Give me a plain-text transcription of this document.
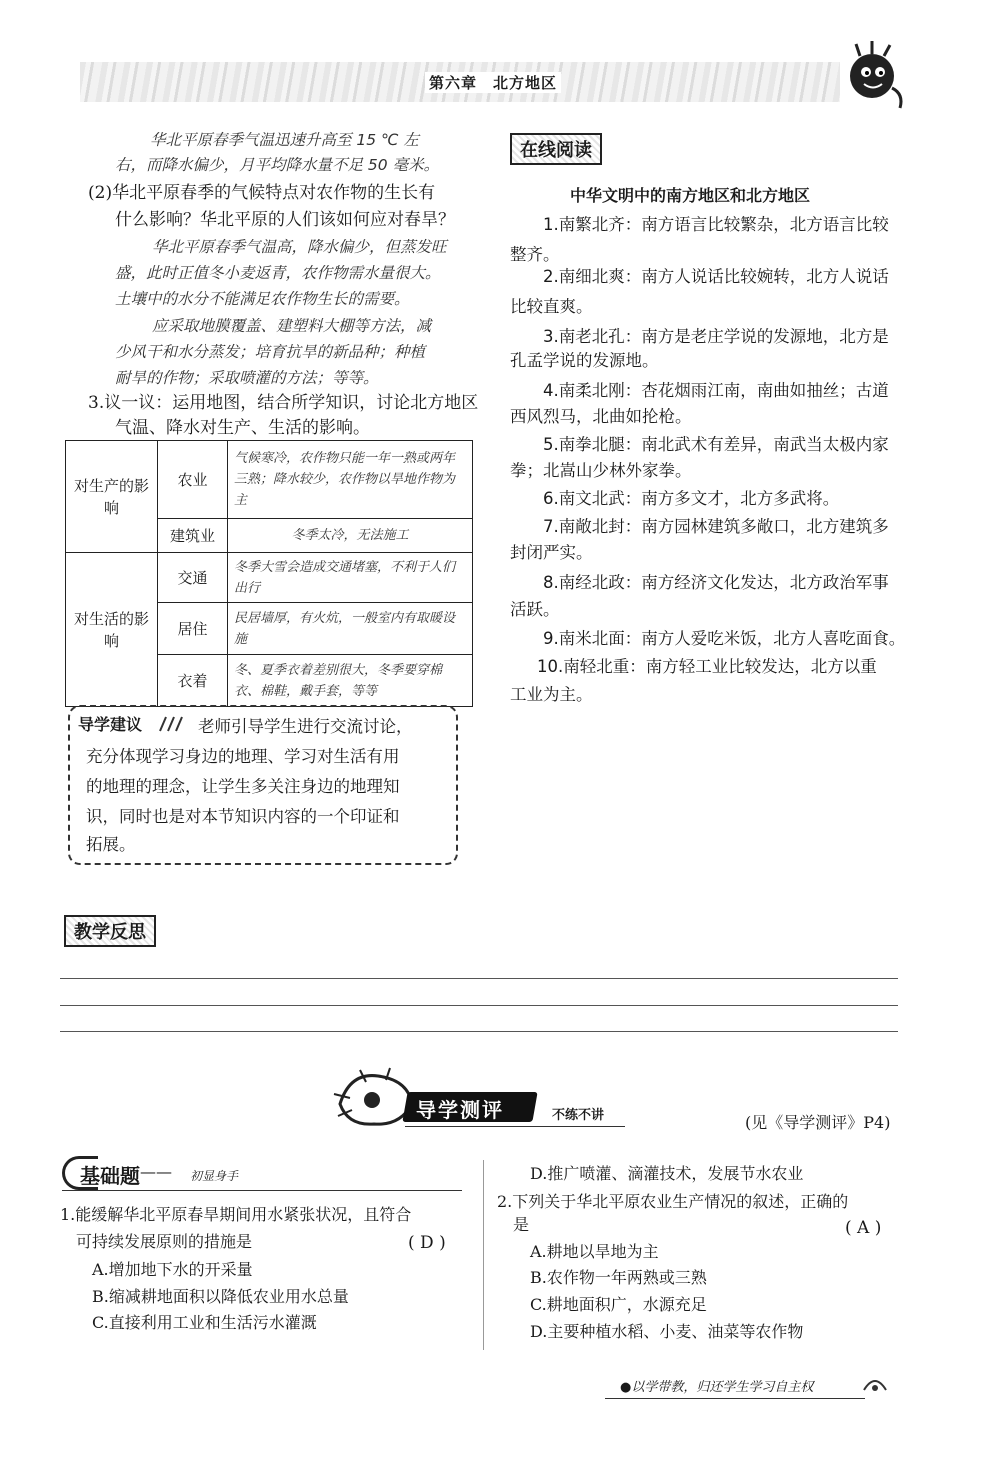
第六章　北方地区
华北平原春季气温迅速升高至 15 ℃ 左
右，而降水偏少，月平均降水量不足 50 毫米。
(2)华北平原春季的气候特点对农作物的生长有
什么影响？华北平原的人们该如何应对春旱？
华北平原春季气温高，降水偏少，但蒸发旺
盛，此时正值冬小麦返青，农作物需水量很大。
土壤中的水分不能满足农作物生长的需要。
应采取地膜覆盖、建塑料大棚等方法，减
少风干和水分蒸发；培育抗旱的新品种；种植
耐旱的作物；采取喷灌的方法；等等。
3.议一议：运用地图，结合所学知识，讨论北方地区
气温、降水对生产、生活的影响。
对生产的影响	农业	气候寒冷，农作物只能一年一熟或两年三熟；降水较少，农作物以旱地作物为主
	建筑业	冬季太冷，无法施工
对生活的影响	交通	冬季大雪会造成交通堵塞，不利于人们出行
	居住	民居墙厚，有火炕，一般室内有取暖设施
	衣着	冬、夏季衣着差别很大，冬季要穿棉衣、棉鞋，戴手套，等等
导学建议	老师引导学生进行交流讨论，
充分体现学习身边的地理、学习对生活有用
的地理的理念，让学生多关注身边的地理知
识，同时也是对本节知识内容的一个印证和
拓展。
在线阅读
中华文明中的南方地区和北方地区
1.南繁北齐：南方语言比较繁杂，北方语言比较
整齐。
2.南细北爽：南方人说话比较婉转，北方人说话
比较直爽。
3.南老北孔：南方是老庄学说的发源地，北方是
孔孟学说的发源地。
4.南柔北刚：杏花烟雨江南，南曲如抽丝；古道
西风烈马，北曲如抡枪。
5.南拳北腿：南北武术有差异，南武当太极内家
拳；北嵩山少林外家拳。
6.南文北武：南方多文才，北方多武将。
7.南敞北封：南方园林建筑多敞口，北方建筑多
封闭严实。
8.南经北政：南方经济文化发达，北方政治军事
活跃。
9.南米北面：南方人爱吃米饭，北方人喜吃面食。
10.南轻北重：南方轻工业比较发达，北方以重
工业为主。
教学反思
导学测评	不练不讲	(见《导学测评》P4)
基础题 —— 初显身手
1.能缓解华北平原春旱期间用水紧张状况，且符合
可持续发展原则的措施是	( D )
A.增加地下水的开采量
B.缩减耕地面积以降低农业用水总量
C.直接利用工业和生活污水灌溉
D.推广喷灌、滴灌技术，发展节水农业
2.下列关于华北平原农业生产情况的叙述，正确的
是	( A )
A.耕地以旱地为主
B.农作物一年两熟或三熟
C.耕地面积广，水源充足
D.主要种植水稻、小麦、油菜等农作物
●以学带教，归还学生学习自主权
